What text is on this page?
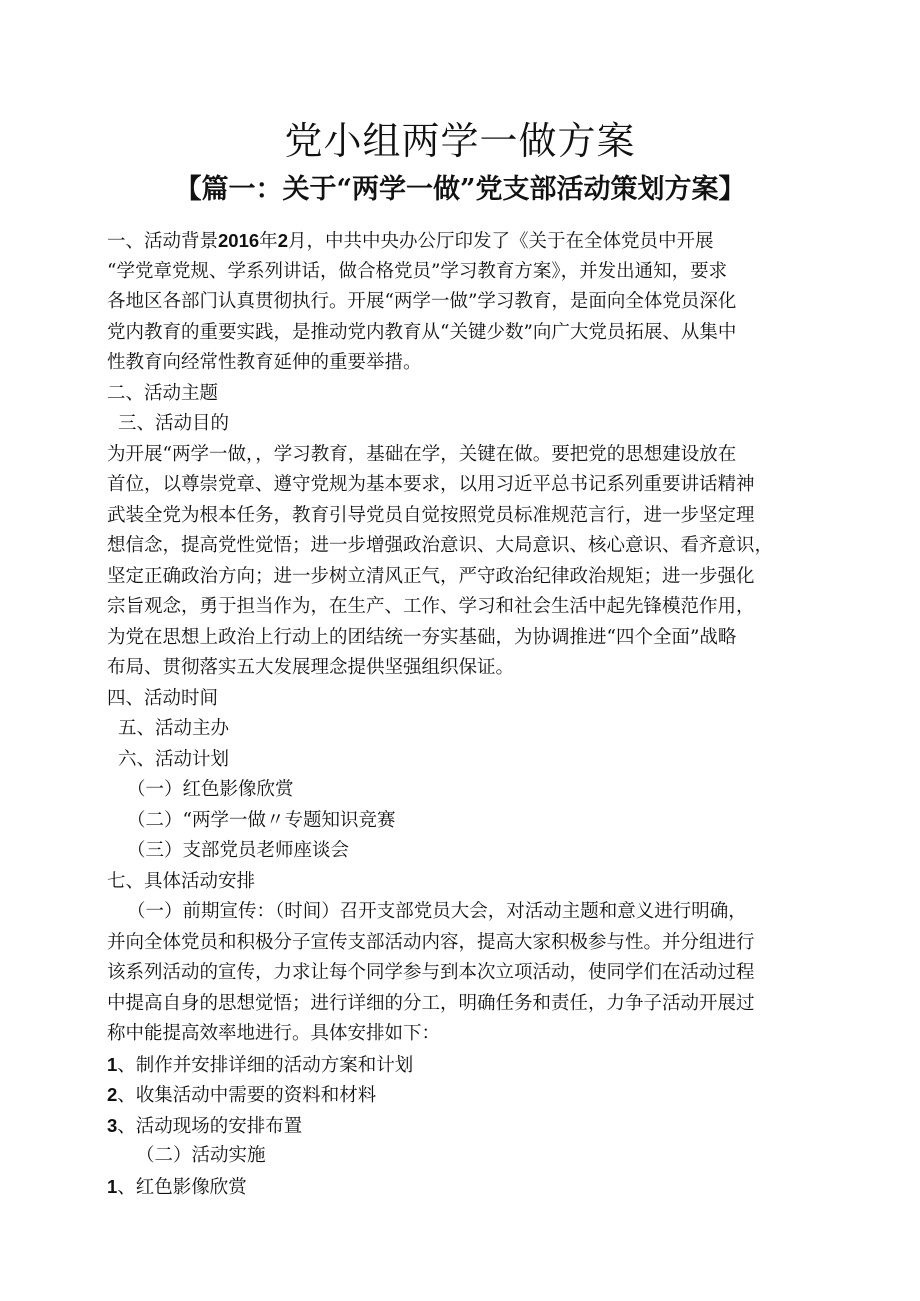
党小组两学一做方案
【篇一：关于“两学一做”党支部活动策划方案】
一、活动背景2016年2月，中共中央办公厅印发了《关于在全体党员中开展
“学党章党规、学系列讲话，做合格党员”学习教育方案》，并发出通知，要求
各地区各部门认真贯彻执行。开展“两学一做”学习教育，是面向全体党员深化
党内教育的重要实践，是推动党内教育从“关键少数”向广大党员拓展、从集中
性教育向经常性教育延伸的重要举措。
二、活动主题
三、活动目的
为开展“两学一做，，学习教育，基础在学，关键在做。要把党的思想建设放在
首位，以尊崇党章、遵守党规为基本要求，以用习近平总书记系列重要讲话精神
武装全党为根本任务，教育引导党员自觉按照党员标准规范言行，进一步坚定理
想信念，提高党性觉悟；进一步增强政治意识、大局意识、核心意识、看齐意识，
坚定正确政治方向；进一步树立清风正气，严守政治纪律政治规矩；进一步强化
宗旨观念，勇于担当作为，在生产、工作、学习和社会生活中起先锋模范作用，
为党在思想上政治上行动上的团结统一夯实基础，为协调推进“四个全面”战略
布局、贯彻落实五大发展理念提供坚强组织保证。
四、活动时间
五、活动主办
六、活动计划
（一）红色影像欣赏
（二）“两学一做〃专题知识竞赛
（三）支部党员老师座谈会
七、具体活动安排
（一）前期宣传：（时间）召开支部党员大会，对活动主题和意义进行明确，
并向全体党员和积极分子宣传支部活动内容，提高大家积极参与性。并分组进行
该系列活动的宣传，力求让每个同学参与到本次立项活动，使同学们在活动过程
中提高自身的思想觉悟；进行详细的分工，明确任务和责任，力争子活动开展过
称中能提高效率地进行。具体安排如下：
1、制作并安排详细的活动方案和计划
2、收集活动中需要的资料和材料
3、活动现场的安排布置
（二）活动实施
1、红色影像欣赏
